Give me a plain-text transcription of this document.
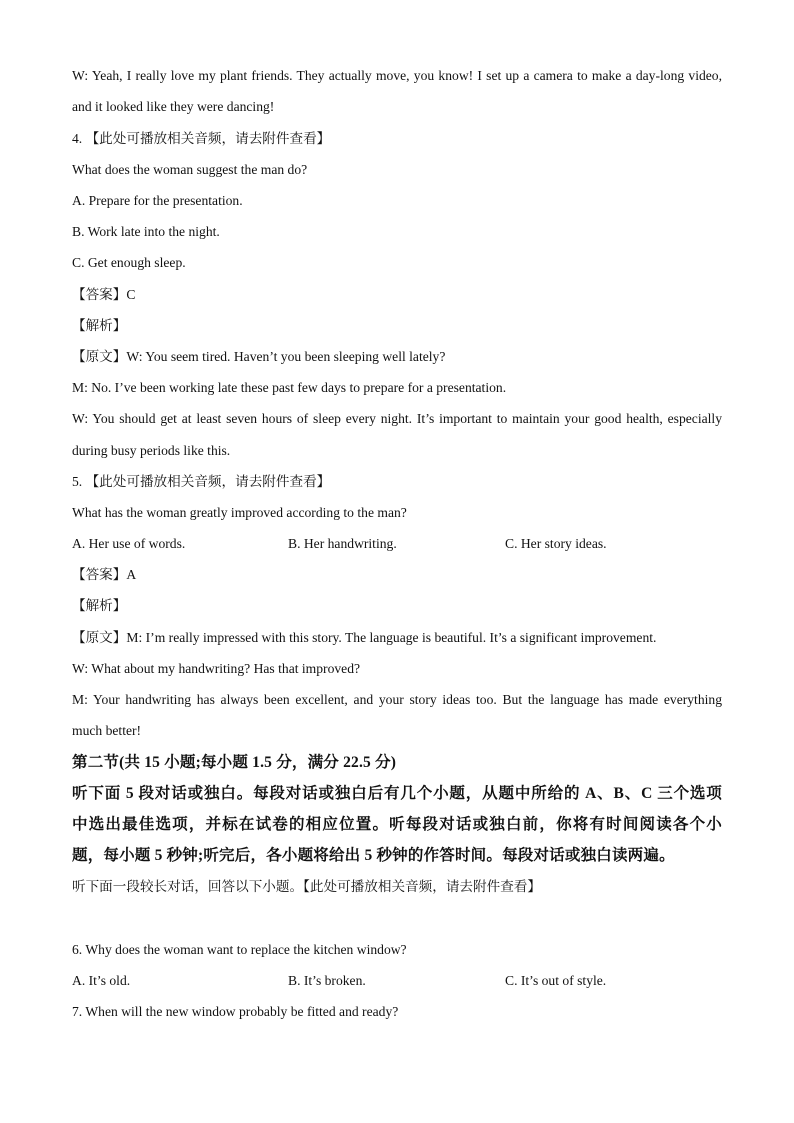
W: Yeah, I really love my plant friends. They actually move, you know! I set up a camera to make a day-long video,
and it looked like they were dancing!
4. 【此处可播放相关音频，请去附件查看】
What does the woman suggest the man do?
A. Prepare for the presentation.
B. Work late into the night.
C. Get enough sleep.
【答案】C
【解析】
【原文】W: You seem tired. Haven’t you been sleeping well lately?
M: No. I’ve been working late these past few days to prepare for a presentation.
W: You should get at least seven hours of sleep every night. It’s important to maintain your good health, especially
during busy periods like this.
5. 【此处可播放相关音频，请去附件查看】
What has the woman greatly improved according to the man?
A. Her use of words.	B. Her handwriting.	C. Her story ideas.
【答案】A
【解析】
【原文】M: I’m really impressed with this story. The language is beautiful. It’s a significant improvement.
W: What about my handwriting? Has that improved?
M: Your handwriting has always been excellent, and your story ideas too. But the language has made everything
much better!
第二节(共 15 小题;每小题 1.5 分，满分 22.5 分)
听下面 5 段对话或独白。每段对话或独白后有几个小题，从题中所给的 A、B、C 三个选项
中选出最佳选项，并标在试卷的相应位置。听每段对话或独白前，你将有时间阅读各个小
题，每小题 5 秒钟;听完后，各小题将给出 5 秒钟的作答时间。每段对话或独白读两遍。
听下面一段较长对话，回答以下小题。【此处可播放相关音频，请去附件查看】
6. Why does the woman want to replace the kitchen window?
A. It’s old.	B. It’s broken.	C. It’s out of style.
7. When will the new window probably be fitted and ready?
